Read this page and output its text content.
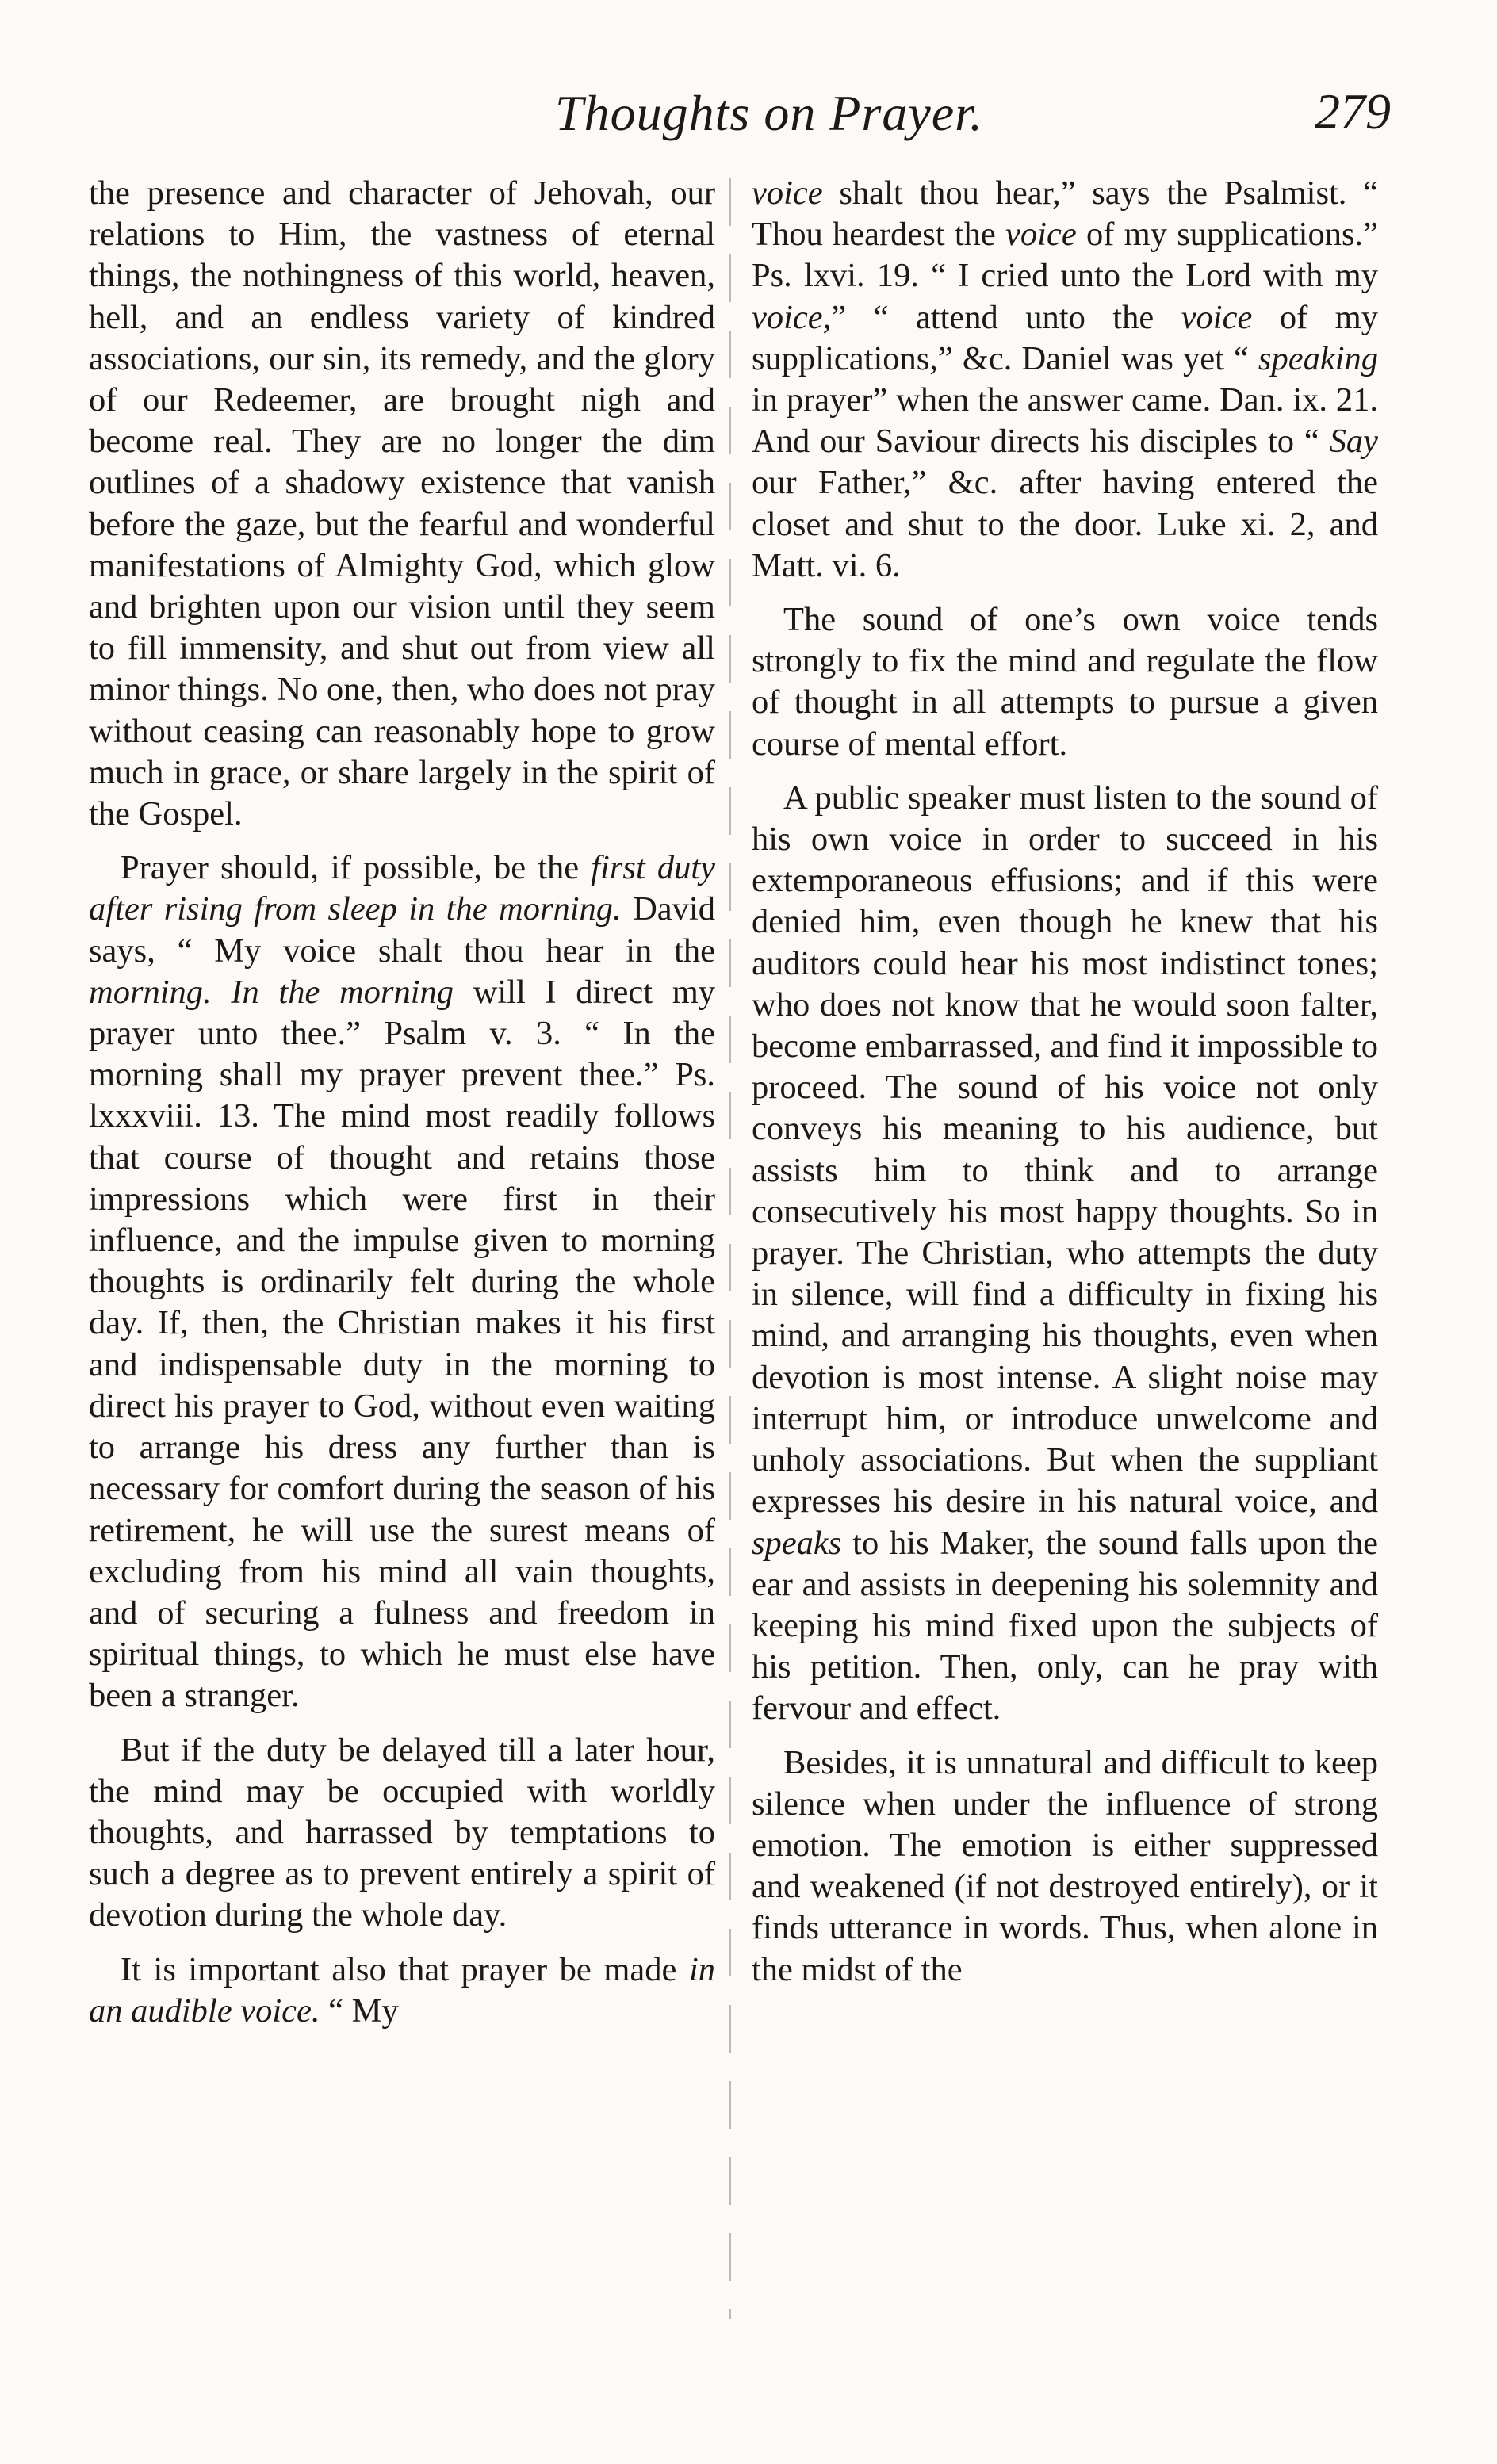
Thoughts on Prayer.	279

the presence and character of Jehovah, our relations to Him, the vastness of eternal things, the nothingness of this world, heaven, hell, and an endless variety of kindred associations, our sin, its remedy, and the glory of our Redeemer, are brought nigh and become real. They are no longer the dim outlines of a shadowy existence that vanish before the gaze, but the fearful and wonderful manifestations of Almighty God, which glow and brighten upon our vision until they seem to fill immensity, and shut out from view all minor things. No one, then, who does not pray without ceasing can reasonably hope to grow much in grace, or share largely in the spirit of the Gospel.

Prayer should, if possible, be the first duty after rising from sleep in the morning. David says, “ My voice shalt thou hear in the morning. In the morning will I direct my prayer unto thee.” Psalm v. 3. “ In the morning shall my prayer prevent thee.” Ps. lxxxviii. 13. The mind most readily follows that course of thought and retains those impressions which were first in their influence, and the impulse given to morning thoughts is ordinarily felt during the whole day. If, then, the Christian makes it his first and indispensable duty in the morning to direct his prayer to God, without even waiting to arrange his dress any further than is necessary for comfort during the season of his retirement, he will use the surest means of excluding from his mind all vain thoughts, and of securing a fulness and freedom in spiritual things, to which he must else have been a stranger.

But if the duty be delayed till a later hour, the mind may be occupied with worldly thoughts, and harrassed by temptations to such a degree as to prevent entirely a spirit of devotion during the whole day.

It is important also that prayer be made in an audible voice. “ My

voice shalt thou hear,” says the Psalmist. “ Thou heardest the voice of my supplications.” Ps. lxvi. 19. “ I cried unto the Lord with my voice,” “ attend unto the voice of my supplications,” &c. Daniel was yet “ speaking in prayer” when the answer came. Dan. ix. 21. And our Saviour directs his disciples to “ Say our Father,” &c. after having entered the closet and shut to the door. Luke xi. 2, and Matt. vi. 6.

The sound of one’s own voice tends strongly to fix the mind and regulate the flow of thought in all attempts to pursue a given course of mental effort.

A public speaker must listen to the sound of his own voice in order to succeed in his extemporaneous effusions; and if this were denied him, even though he knew that his auditors could hear his most indistinct tones; who does not know that he would soon falter, become embarrassed, and find it impossible to proceed. The sound of his voice not only conveys his meaning to his audience, but assists him to think and to arrange consecutively his most happy thoughts. So in prayer. The Christian, who attempts the duty in silence, will find a difficulty in fixing his mind, and arranging his thoughts, even when devotion is most intense. A slight noise may interrupt him, or introduce unwelcome and unholy associations. But when the suppliant expresses his desire in his natural voice, and speaks to his Maker, the sound falls upon the ear and assists in deepening his solemnity and keeping his mind fixed upon the subjects of his petition. Then, only, can he pray with fervour and effect.

Besides, it is unnatural and difficult to keep silence when under the influence of strong emotion. The emotion is either suppressed and weakened (if not destroyed entirely), or it finds utterance in words. Thus, when alone in the midst of the
